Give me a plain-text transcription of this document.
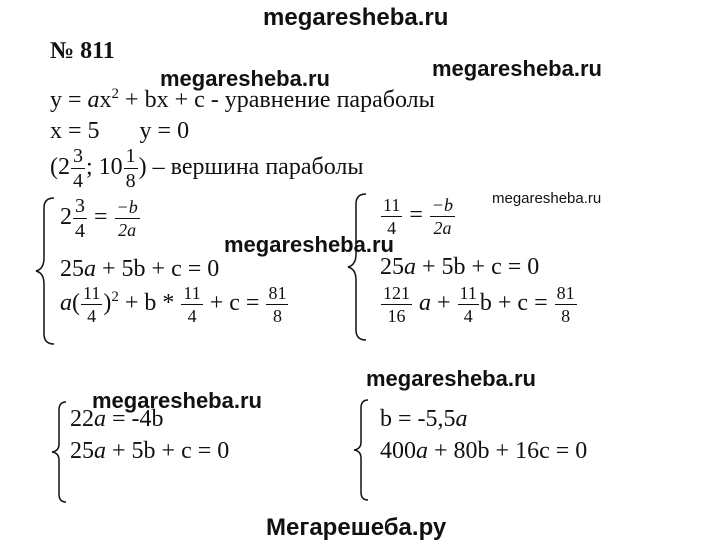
megaresheba.ru
megaresheba.ru	megaresheba.ru
megaresheba.ru
megaresheba.ru
megaresheba.ru
megaresheba.ru
№ 811
$y = ax^2$ + bx + c - уравнение параболы
x = 5 y = 0
($2 \frac{3}{4}$ ; $10 \frac{1}{8}$ ) – вершина параболы
$2 \frac{3}{4} = \frac{-b}{2a}$
25a + 5b + c = 0
$a( \frac{11}{4} )^2 + b * \frac{11}{4} + c = \frac{81}{8}$
$\frac{11}{4} = \frac{-b}{2a}$
25a + 5b + c = 0
$\frac{121}{16}$ $a + \frac{11}{4}$ $b + c = \frac{81}{8}$
22a = -4b
25a + 5b + c = 0
b = -5,5a
400a + 80b + 16c = 0
Мегарешеба.ру
